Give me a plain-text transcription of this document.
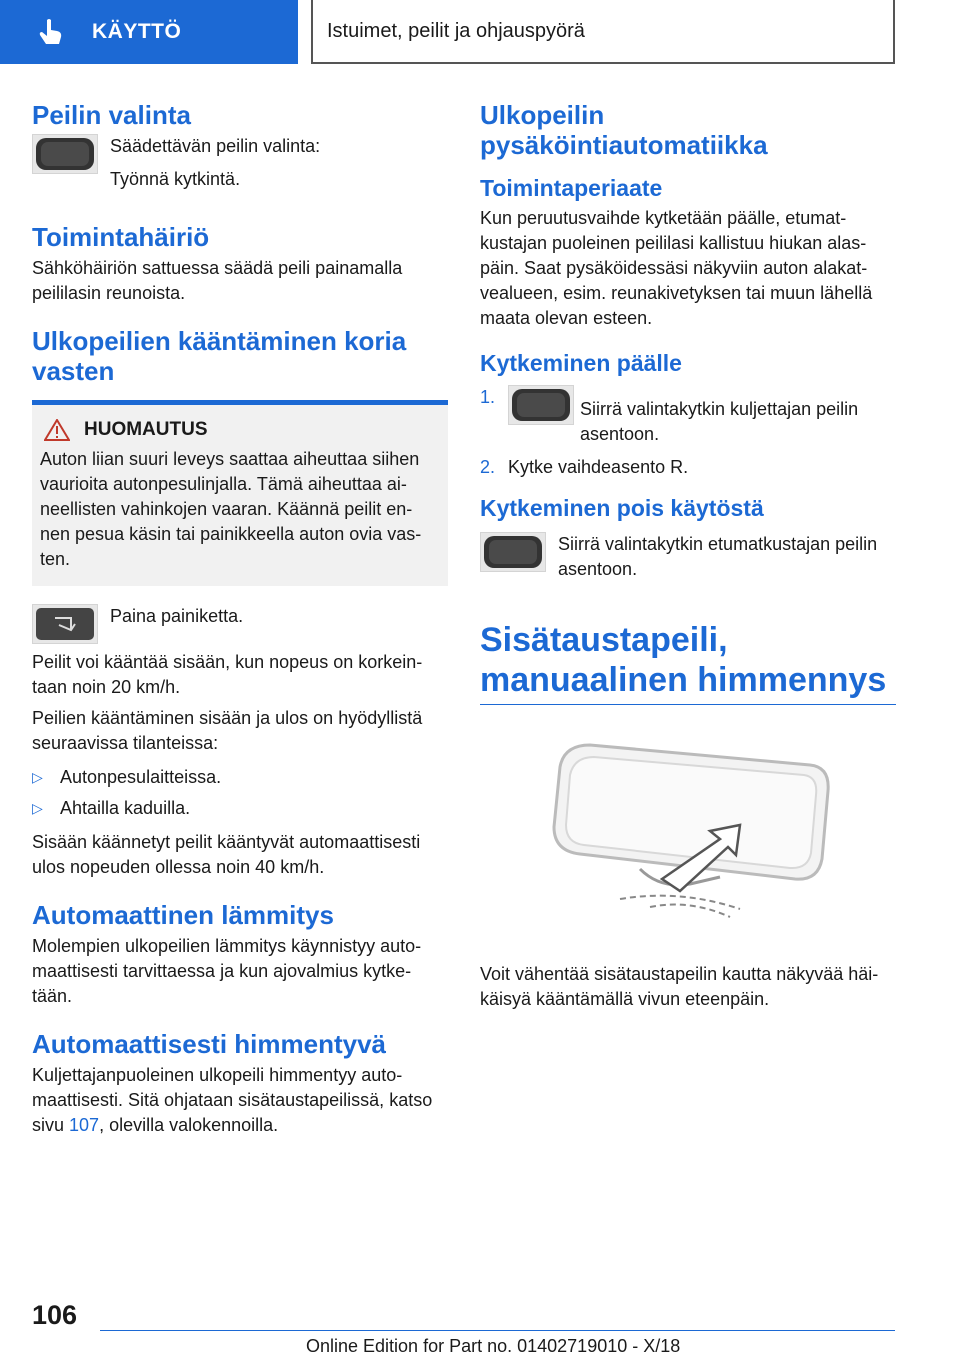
KÄYTTÖ	Istuimet, peilit ja ohjauspyörä
Peilin valinta

Säädettävän peilin valinta:

Työnnä kytkintä.

Toimintahäiriö

Sähköhäiriön sattuessa säädä peili painamalla peililasin reunoista.

Ulkopeilien kääntäminen koria vasten
HUOMAUTUS

Auton liian suuri leveys saattaa aiheuttaa siihen vaurioita autonpesulinjalla. Tämä aiheuttaa ai-neellisten vahinkojen vaaran. Käännä peilit en-nen pesua käsin tai painikkeella auton ovia vas-ten.

Paina painiketta.

Peilit voi kääntää sisään, kun nopeus on korkein-taan noin 20 km/h.

Peilien kääntäminen sisään ja ulos on hyödyllistä seuraavissa tilanteissa:

▷ Autonpesulaitteissa.
▷ Ahtailla kaduilla.

Sisään käännetyt peilit kääntyvät automaattisesti ulos nopeuden ollessa noin 40 km/h.

Automaattinen lämmitys

Molempien ulkopeilien lämmitys käynnistyy auto-maattisesti tarvittaessa ja kun ajovalmius kytke-tään.

Automaattisesti himmentyvä

Kuljettajanpuoleinen ulkopeili himmentyy auto-maattisesti. Sitä ohjataan sisätaustapeilissä, katso sivu 107, olevilla valokennoilla.

Ulkopeilin pysäköintiautomatiikka
Toimintaperiaate

Kun peruutusvaihde kytketään päälle, etumat-kustajan puoleinen peililasi kallistuu hiukan alas-päin. Saat pysäköidessäsi näkyviin auton alakat-vealueen, esim. reunakivetyksen tai muun lähellä maata olevan esteen.

Kytkeminen päälle
1.
Siirrä valintakytkin kuljettajan peilin asentoon.
2. Kytke vaihdeasento R.
Kytkeminen pois käytöstä

Siirrä valintakytkin etumatkustajan peilin asentoon.

Sisätaustapeili, manuaalinen himmennys

Voit vähentää sisätaustapeilin kautta näkyvää häi-käisyä kääntämällä vivun eteenpäin.

106
Online Edition for Part no. 01402719010 - X/18
